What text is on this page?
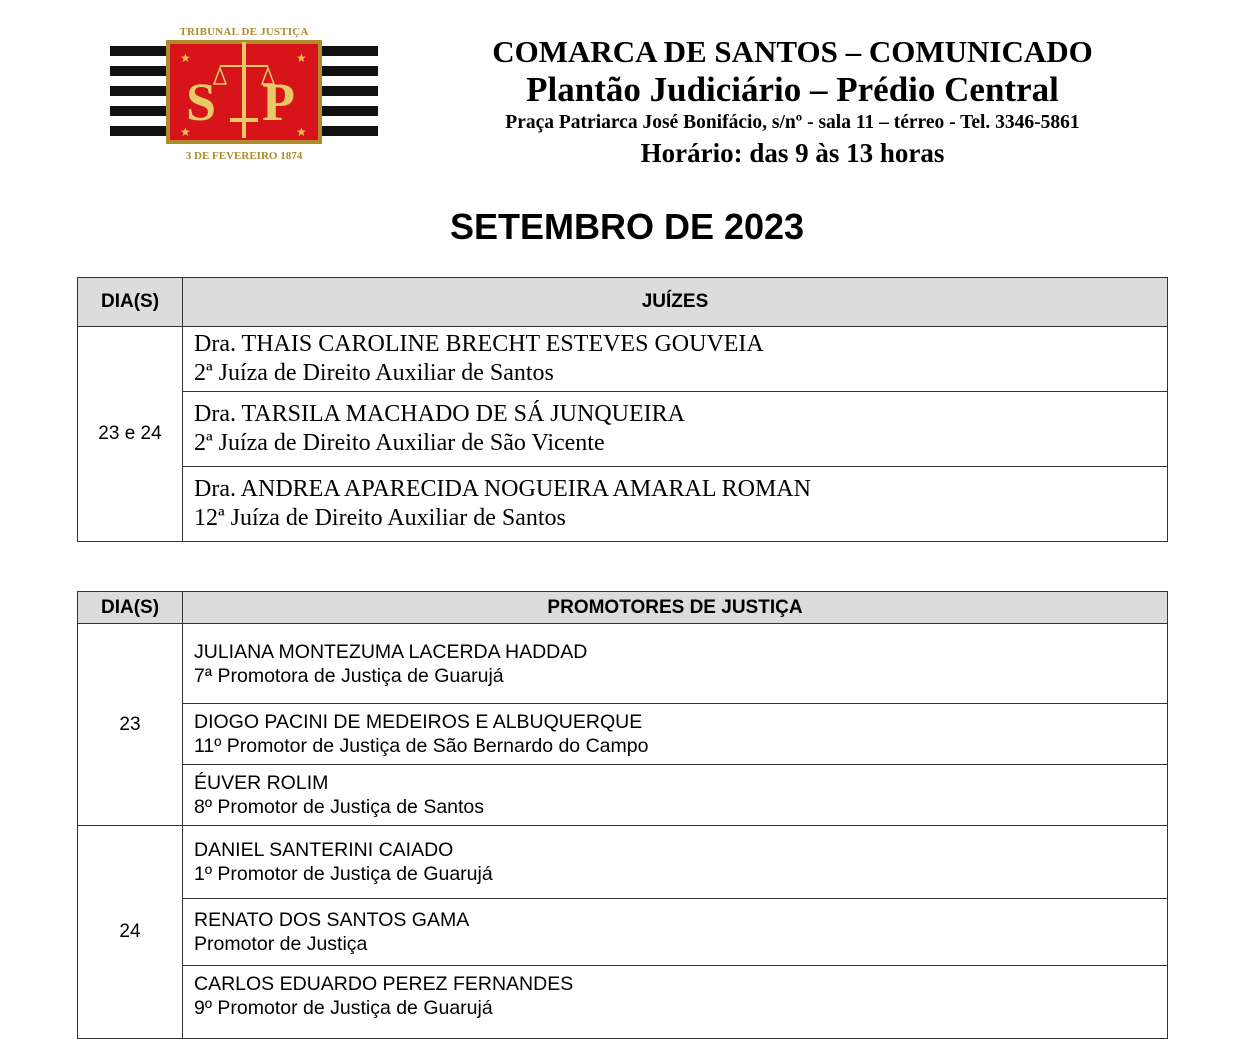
TRIBUNAL DE JUSTIÇA
★	★
★	★
S P
3 DE FEVEREIRO 1874
COMARCA DE SANTOS – COMUNICADO
Plantão Judiciário – Prédio Central
Praça Patriarca José Bonifácio, s/nº - sala 11 – térreo - Tel. 3346-5861
Horário: das 9 às 13 horas
SETEMBRO DE 2023
DIA(S)	JUÍZES
23 e 24	Dra. THAIS CAROLINE BRECHT ESTEVES GOUVEIA
2ª Juíza de Direito Auxiliar de Santos

	Dra. TARSILA MACHADO DE SÁ JUNQUEIRA
2ª Juíza de Direito Auxiliar de São Vicente

	Dra. ANDREA APARECIDA NOGUEIRA AMARAL ROMAN
12ª Juíza de Direito Auxiliar de Santos
DIA(S)	PROMOTORES DE JUSTIÇA
23	JULIANA MONTEZUMA LACERDA HADDAD
7ª Promotora de Justiça de Guarujá

	DIOGO PACINI DE MEDEIROS E ALBUQUERQUE
11º Promotor de Justiça de São Bernardo do Campo

	ÉUVER ROLIM
8º Promotor de Justiça de Santos

24	DANIEL SANTERINI CAIADO
1º Promotor de Justiça de Guarujá

	RENATO DOS SANTOS GAMA
Promotor de Justiça

	CARLOS EDUARDO PEREZ FERNANDES
9º Promotor de Justiça de Guarujá
